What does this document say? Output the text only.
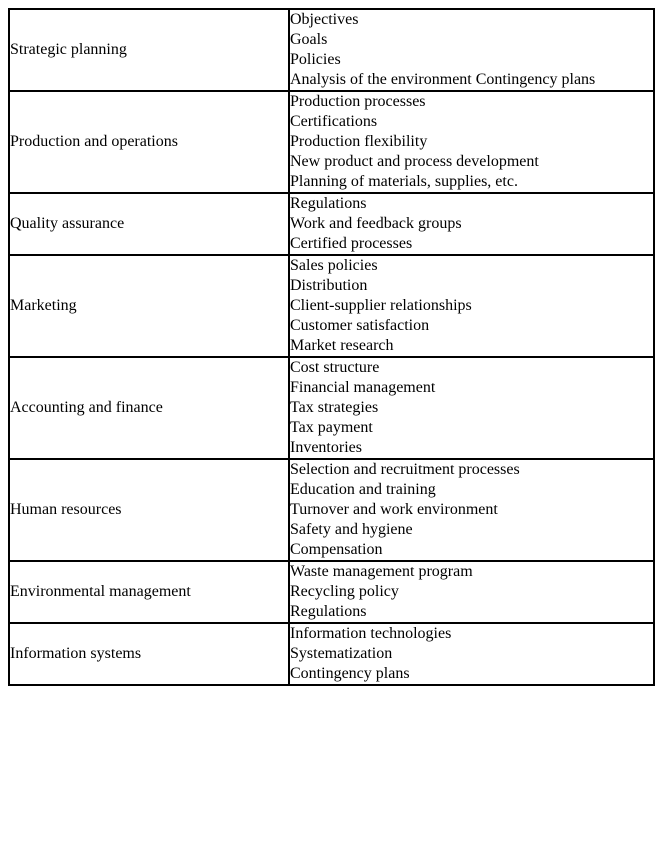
Strategic planning	Objectives
Goals
Policies
Analysis of the environment Contingency plans

Production and operations	Production processes
Certifications
Production flexibility
New product and process development
Planning of materials, supplies, etc.

Quality assurance	Regulations
Work and feedback groups
Certified processes

Marketing	Sales policies
Distribution
Client-supplier relationships
Customer satisfaction
Market research

Accounting and finance	Cost structure
Financial management
Tax strategies
Tax payment
Inventories

Human resources	Selection and recruitment processes
Education and training
Turnover and work environment
Safety and hygiene
Compensation

Environmental management	Waste management program
Recycling policy
Regulations

Information systems	Information technologies
Systematization
Contingency plans
